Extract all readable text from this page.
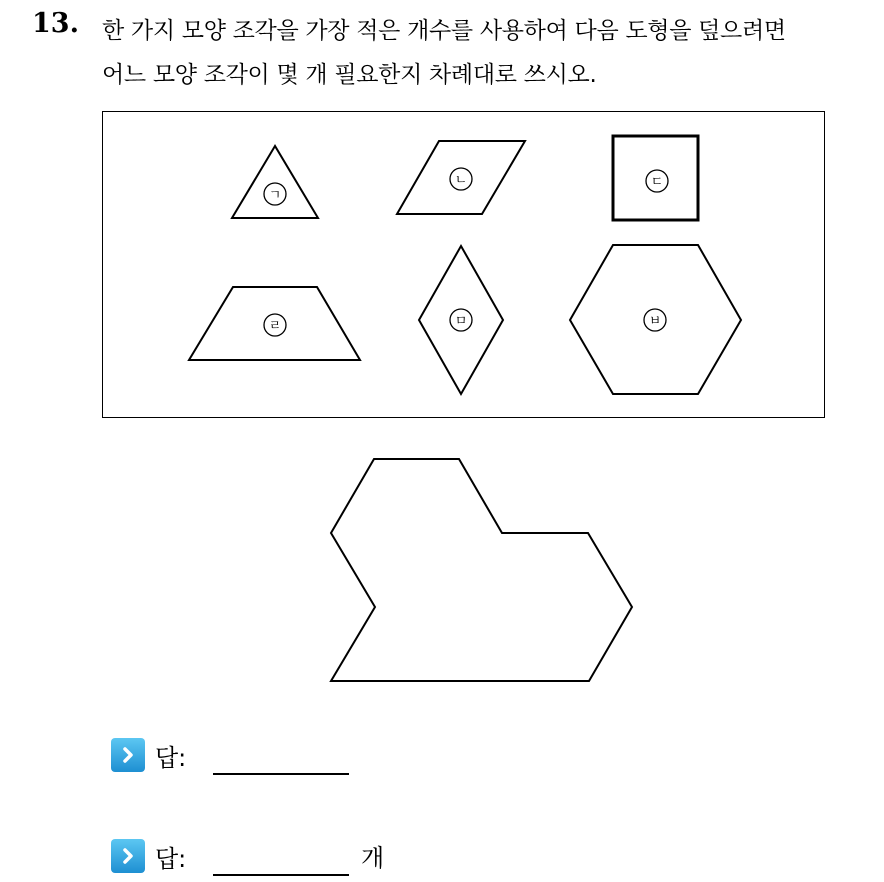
13. 한 가지 모양 조각을 가장 적은 개수를 사용하여 다음 도형을 덮으려면
어느 모양 조각이 몇 개 필요한지 차례대로 쓰시오.
ㄱ
ㄴ	ㄷ
ㄹ	ㅁ	ㅂ
답:
답:	개
